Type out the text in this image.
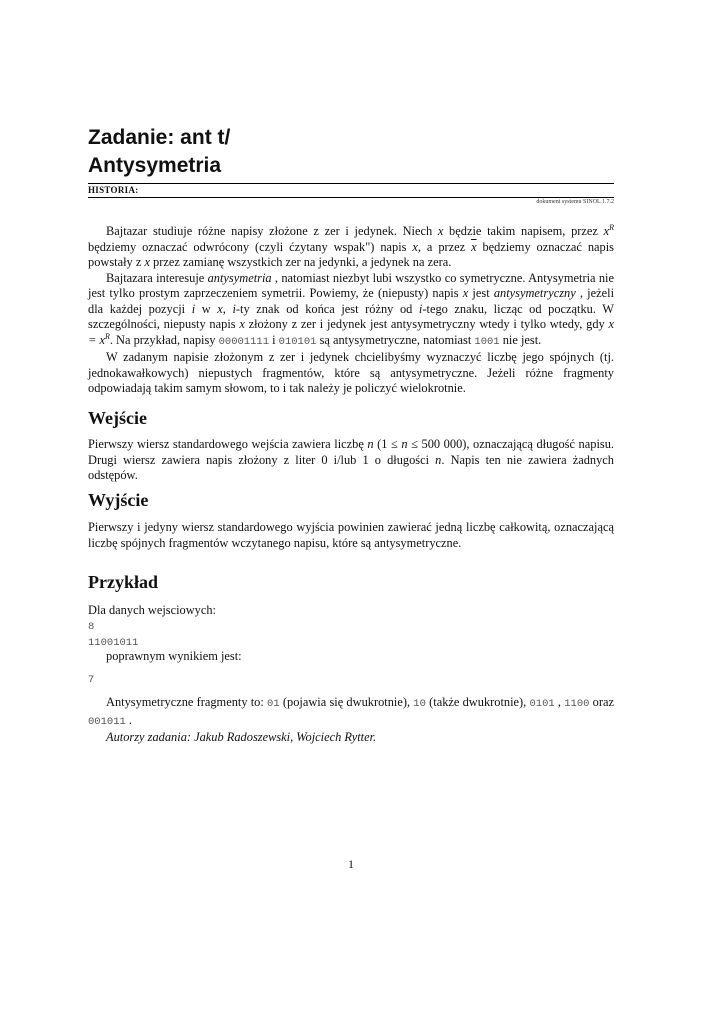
Zadanie: ant t/
Antysymetria
HISTORIA:
dokument systemu SINOL 1.7.2

Bajtazar studiuje różne napisy złożone z zer i jedynek. Niech x będzie takim napisem, przez $x^R$ będziemy oznaczać odwrócony (czyli ćzytany wspak") napis x, a przez $\overline{x}$ będziemy oznaczać napis powstały z x przez zamianę wszystkich zer na jedynki, a jedynek na zera.

Bajtazara interesuje antysymetria , natomiast niezbyt lubi wszystko co symetryczne. Antysymetria nie jest tylko prostym zaprzeczeniem symetrii. Powiemy, że (niepusty) napis x jest antysymetryczny , jeżeli dla każdej pozycji i w x, i-ty znak od końca jest różny od i-tego znaku, licząc od początku. W szczególności, niepusty napis x złożony z zer i jedynek jest antysymetryczny wtedy i tylko wtedy, gdy $x = x^R$. Na przykład, napisy 00001111 i 010101 są antysymetryczne, natomiast 1001 nie jest.

W zadanym napisie złożonym z zer i jedynek chcielibyśmy wyznaczyć liczbę jego spójnych (tj. jednokawałkowych) niepustych fragmentów, które są antysymetryczne. Jeżeli różne fragmenty odpowiadają takim samym słowom, to i tak należy je policzyć wielokrotnie.

Wejście

Pierwszy wiersz standardowego wejścia zawiera liczbę n (1 ≤ n ≤ 500 000), oznaczającą długość napisu. Drugi wiersz zawiera napis złożony z liter 0 i/lub 1 o długości n. Napis ten nie zawiera żadnych odstępów.

Wyjście

Pierwszy i jedyny wiersz standardowego wyjścia powinien zawierać jedną liczbę całkowitą, oznaczającą liczbę spójnych fragmentów wczytanego napisu, które są antysymetryczne.

Przykład
Dla danych wejsciowych:
8
11001011
poprawnym wynikiem jest:
7

Antysymetryczne fragmenty to: 01 (pojawia się dwukrotnie), 10 (także dwukrotnie), 0101 , 1100 oraz 001011 .

Autorzy zadania: Jakub Radoszewski, Wojciech Rytter.

1
